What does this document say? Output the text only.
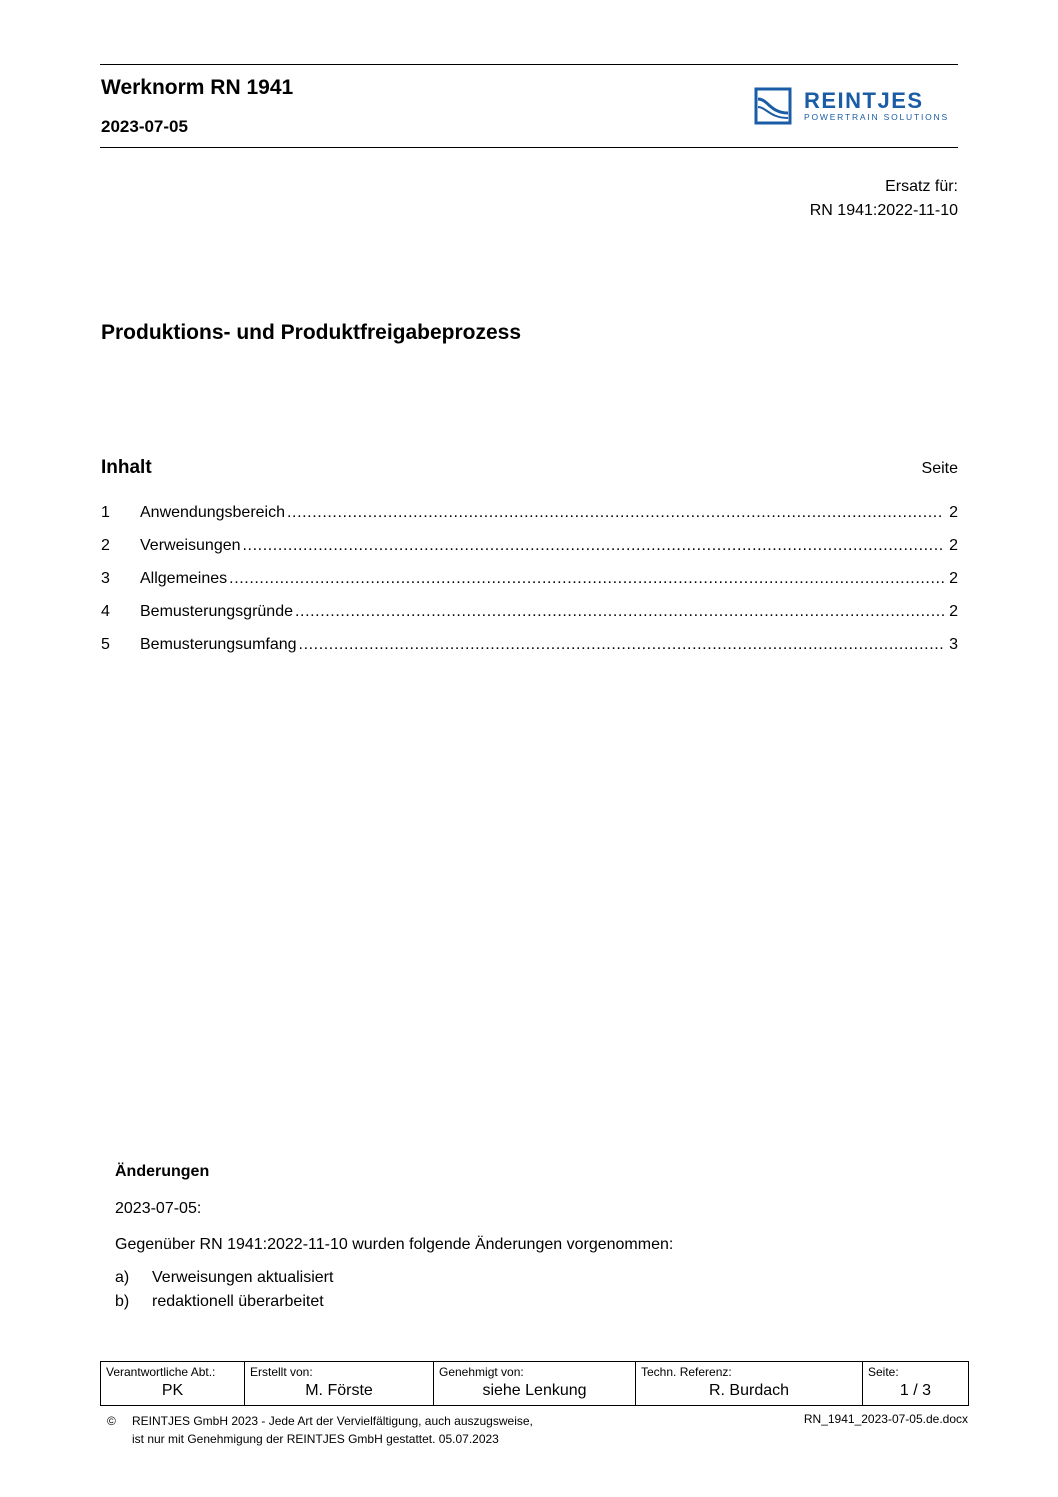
Werknorm RN 1941
2023-07-05
REINTJES
POWERTRAIN SOLUTIONS
Ersatz für:
RN 1941:2022-11-10
Produktions- und Produktfreigabeprozess
Inhalt	Seite
1	Anwendungsbereich .....	2
2	Verweisungen .....	2
3	Allgemeines .....	2
4	Bemusterungsgründe .....	2
5	Bemusterungsumfang .....	3
Änderungen
2023-07-05:
Gegenüber RN 1941:2022-11-10 wurden folgende Änderungen vorgenommen:
a) Verweisungen aktualisiert
b) redaktionell überarbeitet
Verantwortliche Abt.:
PK

Erstellt von:
M. Förste

Genehmigt von:
siehe Lenkung

Techn. Referenz:
R. Burdach

Seite:
1 / 3
© REINTJES GmbH 2023 - Jede Art der Vervielfältigung, auch auszugsweise,
ist nur mit Genehmigung der REINTJES GmbH gestattet. 05.07.2023
RN_1941_2023-07-05.de.docx
